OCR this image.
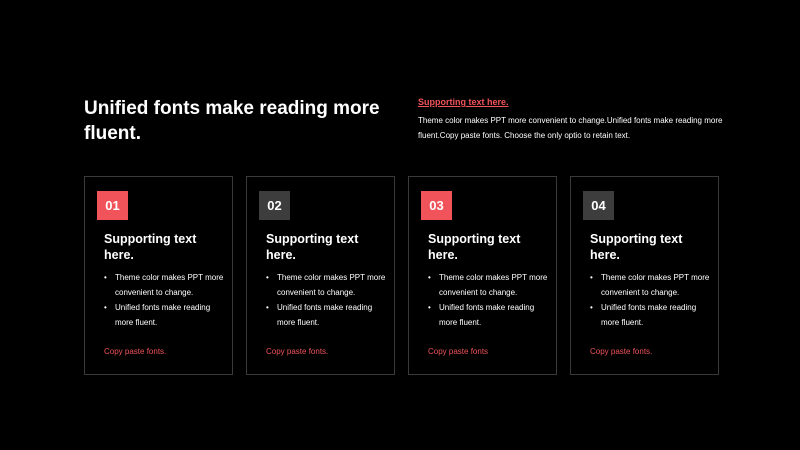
Unified fonts make reading more fluent.
Supporting text here.
Theme color makes PPT more convenient to change.Unified fonts make reading more fluent.Copy paste fonts. Choose the only optio to retain text.
01
Supporting text here.
• Theme color makes PPT more convenient to change.
• Unified fonts make reading more fluent.
Copy paste fonts.
02
Supporting text here.
• Theme color makes PPT more convenient to change.
• Unified fonts make reading more fluent.
Copy paste fonts.
03
Supporting text here.
• Theme color makes PPT more convenient to change.
• Unified fonts make reading more fluent.
Copy paste fonts
04
Supporting text here.
• Theme color makes PPT more convenient to change.
• Unified fonts make reading more fluent.
Copy paste fonts.
